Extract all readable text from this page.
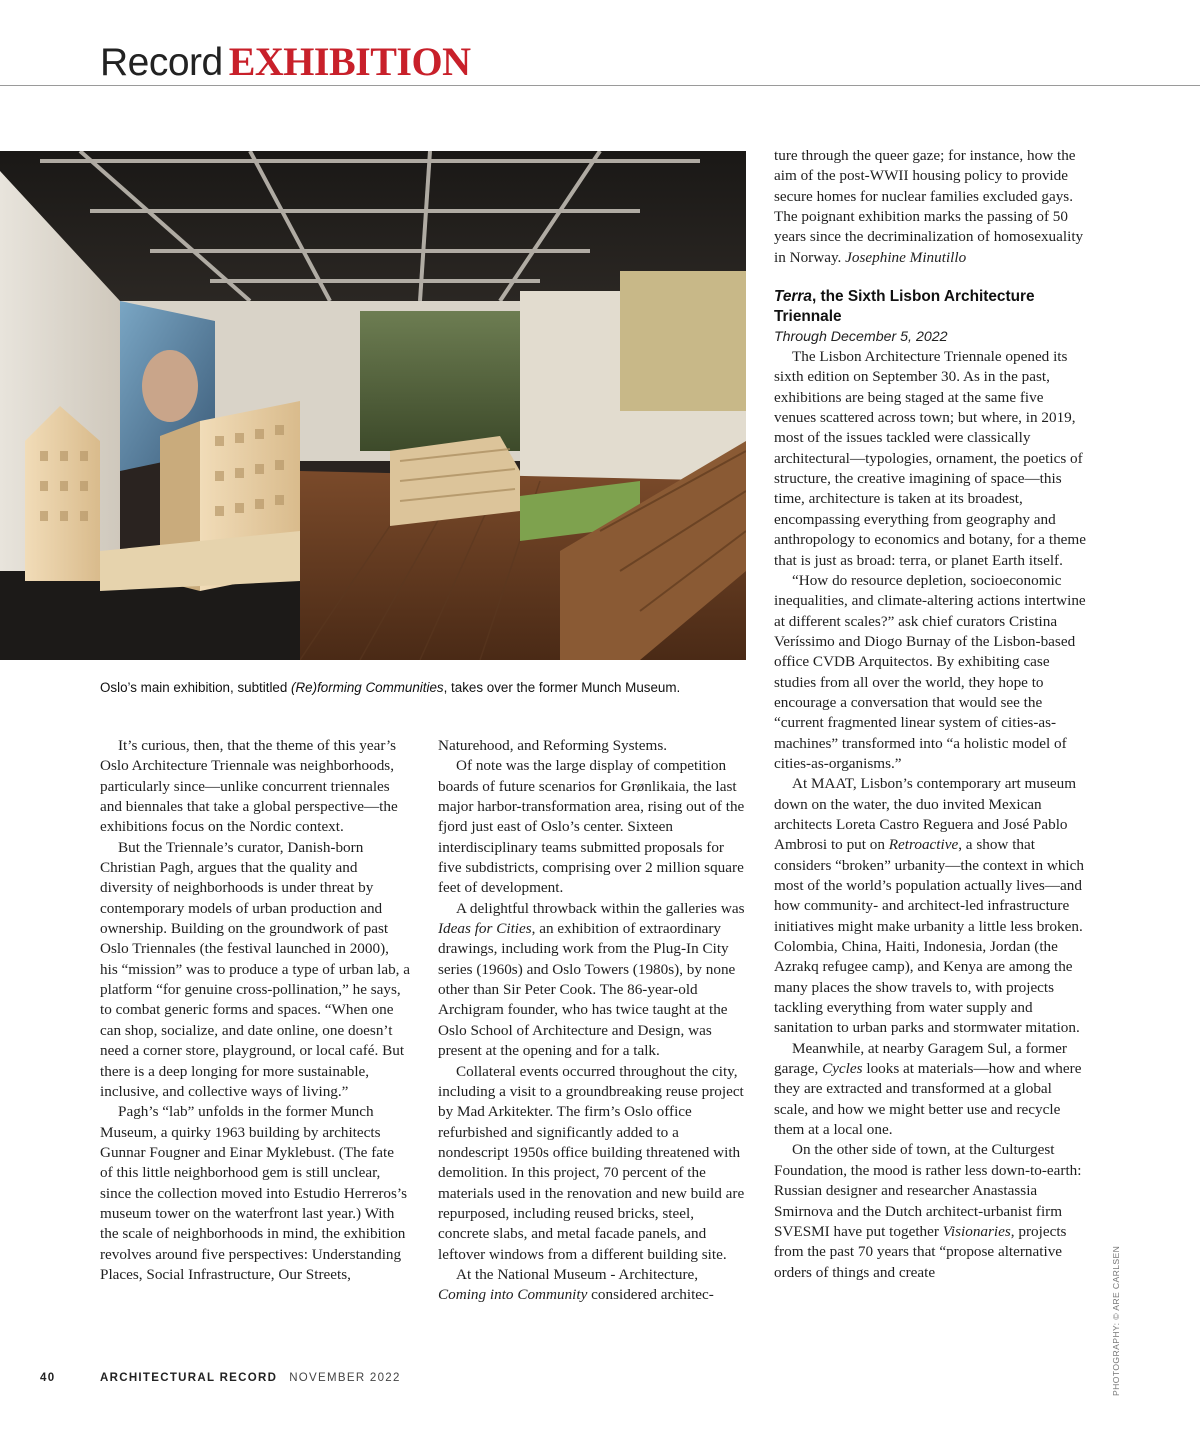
Record EXHIBITION
Oslo’s main exhibition, subtitled (Re)forming Communities, takes over the former Munch Museum.

It’s curious, then, that the theme of this year’s Oslo Architecture Triennale was neighborhoods, particularly since—unlike concurrent triennales and biennales that take a global perspective—the exhibitions focus on the Nordic context.

But the Triennale’s curator, Danish-born Christian Pagh, argues that the quality and diversity of neighborhoods is under threat by contemporary models of urban production and ownership. Building on the groundwork of past Oslo Triennales (the festival launched in 2000), his “mission” was to produce a type of urban lab, a platform “for genuine cross-pollination,” he says, to combat generic forms and spaces. “When one can shop, socialize, and date online, one doesn’t need a corner store, playground, or local café. But there is a deep longing for more sustainable, inclusive, and collective ways of living.”

Pagh’s “lab” unfolds in the former Munch Museum, a quirky 1963 building by architects Gunnar Fougner and Einar Myklebust. (The fate of this little neighborhood gem is still unclear, since the collection moved into Estudio Herreros’s museum tower on the waterfront last year.) With the scale of neighborhoods in mind, the exhibition revolves around five perspectives: Understanding Places, Social Infrastructure, Our Streets,

Naturehood, and Reforming Systems.

Of note was the large display of competition boards of future scenarios for Grønlikaia, the last major harbor-transformation area, rising out of the fjord just east of Oslo’s center. Sixteen interdisciplinary teams submitted proposals for five subdistricts, comprising over 2 million square feet of development.

A delightful throwback within the galleries was Ideas for Cities, an exhibition of extraordinary drawings, including work from the Plug-In City series (1960s) and Oslo Towers (1980s), by none other than Sir Peter Cook. The 86-year-old Archigram founder, who has twice taught at the Oslo School of Architecture and Design, was present at the opening and for a talk.

Collateral events occurred throughout the city, including a visit to a groundbreaking reuse project by Mad Arkitekter. The firm’s Oslo office refurbished and significantly added to a nondescript 1950s office building threatened with demolition. In this project, 70 percent of the materials used in the renovation and new build are repurposed, including reused bricks, steel, concrete slabs, and metal facade panels, and leftover windows from a different building site.

At the National Museum - Architecture, Coming into Community considered architec-

ture through the queer gaze; for instance, how the aim of the post-WWII housing policy to provide secure homes for nuclear families excluded gays. The poignant exhibition marks the passing of 50 years since the decriminalization of homosexuality in Norway. Josephine Minutillo

Terra, the Sixth Lisbon Architecture Triennale
Through December 5, 2022

The Lisbon Architecture Triennale opened its sixth edition on September 30. As in the past, exhibitions are being staged at the same five venues scattered across town; but where, in 2019, most of the issues tackled were classically architectural—typologies, ornament, the poetics of structure, the creative imagining of space—this time, architecture is taken at its broadest, encompassing everything from geography and anthropology to economics and botany, for a theme that is just as broad: terra, or planet Earth itself.

“How do resource depletion, socioeconomic inequalities, and climate-altering actions intertwine at different scales?” ask chief curators Cristina Veríssimo and Diogo Burnay of the Lisbon-based office CVDB Arquitectos. By exhibiting case studies from all over the world, they hope to encourage a conversation that would see the “current fragmented linear system of cities-as-machines” transformed into “a holistic model of cities-as-organisms.”

At MAAT, Lisbon’s contemporary art museum down on the water, the duo invited Mexican architects Loreta Castro Reguera and José Pablo Ambrosi to put on Retroactive, a show that considers “broken” urbanity—the context in which most of the world’s population actually lives—and how community- and architect-led infrastructure initiatives might make urbanity a little less broken. Colombia, China, Haiti, Indonesia, Jordan (the Azrakq refugee camp), and Kenya are among the many places the show travels to, with projects tackling everything from water supply and sanitation to urban parks and stormwater mitation.

Meanwhile, at nearby Garagem Sul, a former garage, Cycles looks at materials—how and where they are extracted and transformed at a global scale, and how we might better use and recycle them at a local one.

On the other side of town, at the Culturgest Foundation, the mood is rather less down-to-earth: Russian designer and researcher Anastassia Smirnova and the Dutch architect-urbanist firm SVESMI have put together Visionaries, projects from the past 70 years that “propose alternative orders of things and create	PHOTOGRAPHY: © ARE CARLSEN
40	ARCHITECTURAL RECORD NOVEMBER 2022
